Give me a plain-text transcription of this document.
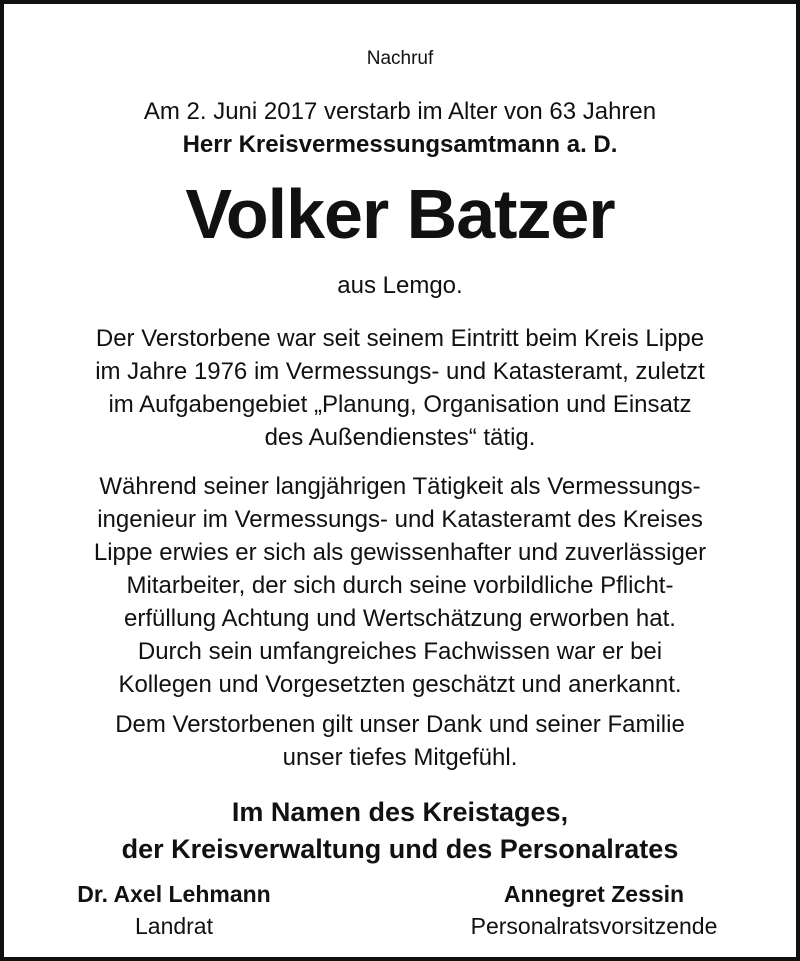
Nachruf

Am 2. Juni 2017 verstarb im Alter von 63 Jahren

Herr Kreisvermessungsamtmann a. D.

Volker Batzer

aus Lemgo.

Der Verstorbene war seit seinem Eintritt beim Kreis Lippe
im Jahre 1976 im Vermessungs- und Katasteramt, zuletzt
im Aufgabengebiet „Planung, Organisation und Einsatz
des Außendienstes“ tätig.
Während seiner langjährigen Tätigkeit als Vermessungs-
ingenieur im Vermessungs- und Katasteramt des Kreises
Lippe erwies er sich als gewissenhafter und zuverlässiger
Mitarbeiter, der sich durch seine vorbildliche Pflicht-
erfüllung Achtung und Wertschätzung erworben hat.
Durch sein umfangreiches Fachwissen war er bei
Kollegen und Vorgesetzten geschätzt und anerkannt.
Dem Verstorbenen gilt unser Dank und seiner Familie
unser tiefes Mitgefühl.
Im Namen des Kreistages,
der Kreisverwaltung und des Personalrates
Dr. Axel Lehmann
Landrat
Annegret Zessin
Personalratsvorsitzende
